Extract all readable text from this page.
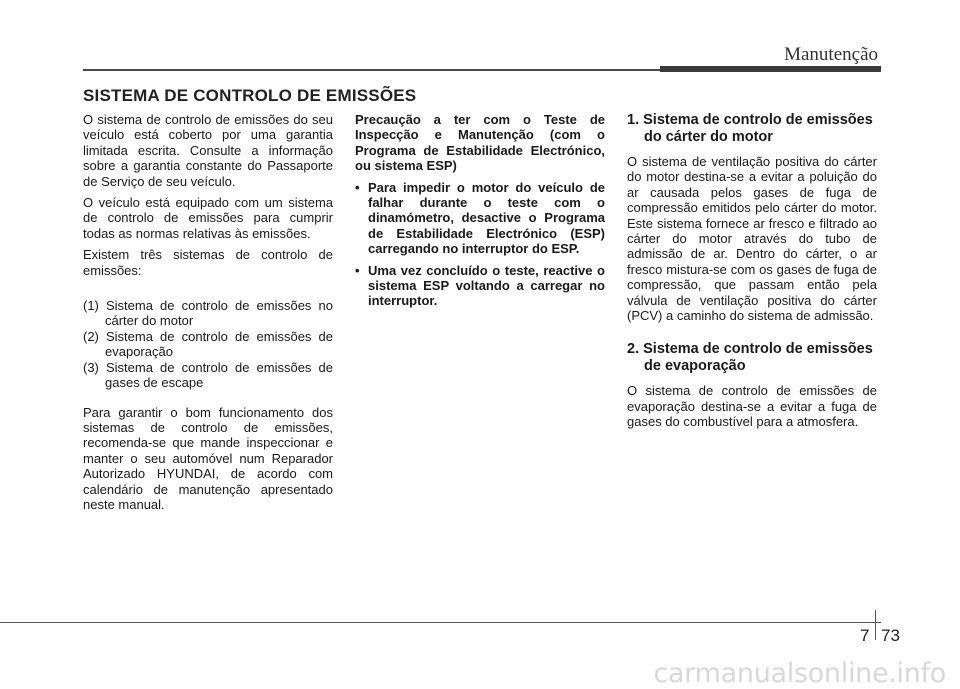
Manutenção
SISTEMA DE CONTROLO DE EMISSÕES

O sistema de controlo de emissões do seu veículo está coberto por uma garantia limitada escrita. Consulte a informação sobre a garantia constante do Passaporte de Serviço de seu veículo.

O veículo está equipado com um sistema de controlo de emissões para cumprir todas as normas relativas às emissões.

Existem três sistemas de controlo de emissões:

(1) Sistema de controlo de emissões no cárter do motor

(2) Sistema de controlo de emissões de evaporação

(3) Sistema de controlo de emissões de gases de escape

Para garantir o bom funcionamento dos sistemas de controlo de emissões, recomenda-se que mande inspeccionar e manter o seu automóvel num Reparador Autorizado HYUNDAI, de acordo com calendário de manutenção apresentado neste manual.

Precaução a ter com o Teste de Inspecção e Manutenção (com o Programa de Estabilidade Electrónico, ou sistema ESP)

• Para impedir o motor do veículo de falhar durante o teste com o dinamómetro, desactive o Programa de Estabilidade Electrónico (ESP) carregando no interruptor do ESP.
• Uma vez concluído o teste, reactive o sistema ESP voltando a carregar no interruptor.
1. Sistema de controlo de emissões do cárter do motor

O sistema de ventilação positiva do cárter do motor destina-se a evitar a poluição do ar causada pelos gases de fuga de compressão emitidos pelo cárter do motor. Este sistema fornece ar fresco e filtrado ao cárter do motor através do tubo de admissão de ar. Dentro do cárter, o ar fresco mistura-se com os gases de fuga de compressão, que passam então pela válvula de ventilação positiva do cárter (PCV) a caminho do sistema de admissão.

2. Sistema de controlo de emissões de evaporação

O sistema de controlo de emissões de evaporação destina-se a evitar a fuga de gases do combustível para a atmosfera.

7 73
carmanualsonline.info
